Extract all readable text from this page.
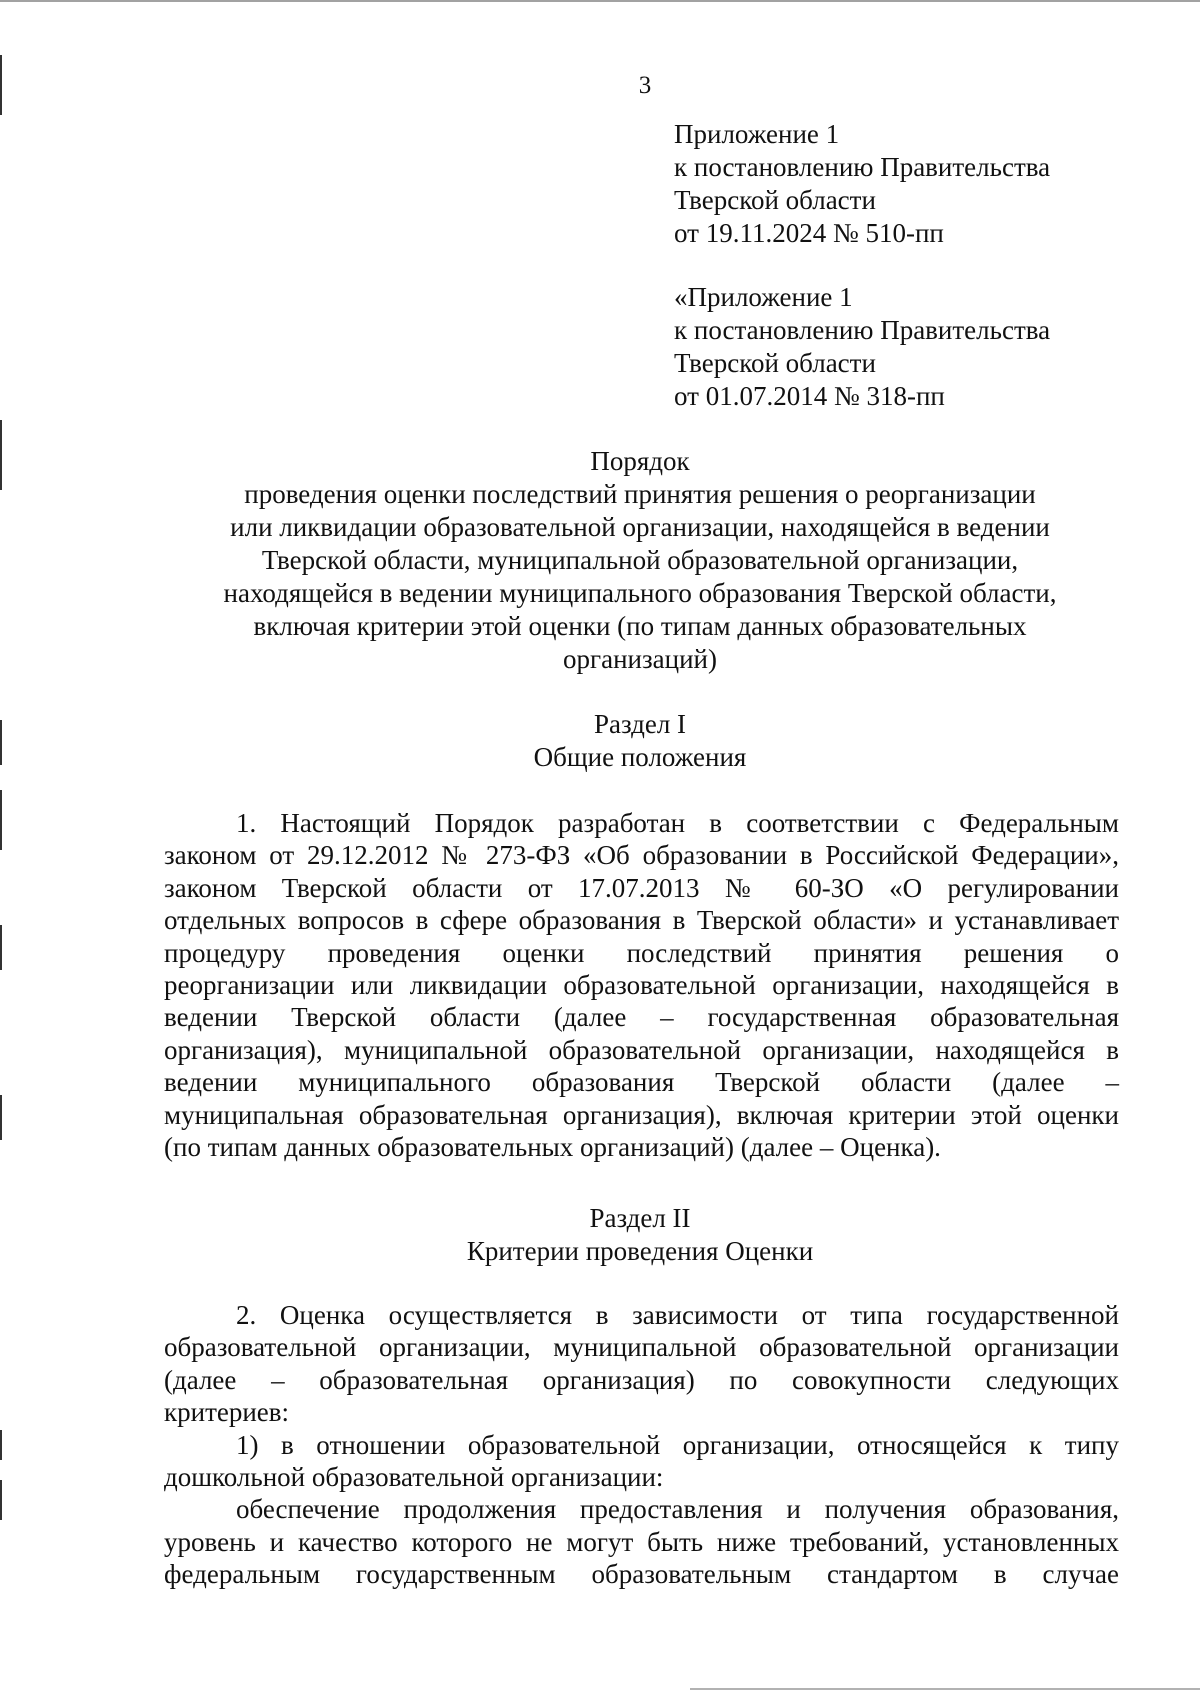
3
Приложение 1
к постановлению Правительства
Тверской области
от 19.11.2024 № 510-пп
«Приложение 1
к постановлению Правительства
Тверской области
от 01.07.2014 № 318-пп
Порядок
проведения оценки последствий принятия решения о реорганизации
или ликвидации образовательной организации, находящейся в ведении
Тверской области, муниципальной образовательной организации,
находящейся в ведении муниципального образования Тверской области,
включая критерии этой оценки (по типам данных образовательных
организаций)
Раздел I
Общие положения
1. Настоящий Порядок разработан в соответствии с Федеральным
законом от 29.12.2012 № 273-ФЗ «Об образовании в Российской Федерации»,
законом Тверской области от 17.07.2013 № 60-ЗО «О регулировании
отдельных вопросов в сфере образования в Тверской области» и устанавливает
процедуру проведения оценки последствий принятия решения о
реорганизации или ликвидации образовательной организации, находящейся в
ведении Тверской области (далее – государственная образовательная
организация), муниципальной образовательной организации, находящейся в
ведении муниципального образования Тверской области (далее –
муниципальная образовательная организация), включая критерии этой оценки
(по типам данных образовательных организаций) (далее – Оценка).
Раздел II
Критерии проведения Оценки
2. Оценка осуществляется в зависимости от типа государственной
образовательной организации, муниципальной образовательной организации
(далее – образовательная организация) по совокупности следующих
критериев:
1) в отношении образовательной организации, относящейся к типу
дошкольной образовательной организации:
обеспечение продолжения предоставления и получения образования,
уровень и качество которого не могут быть ниже требований, установленных
федеральным государственным образовательным стандартом в случае
